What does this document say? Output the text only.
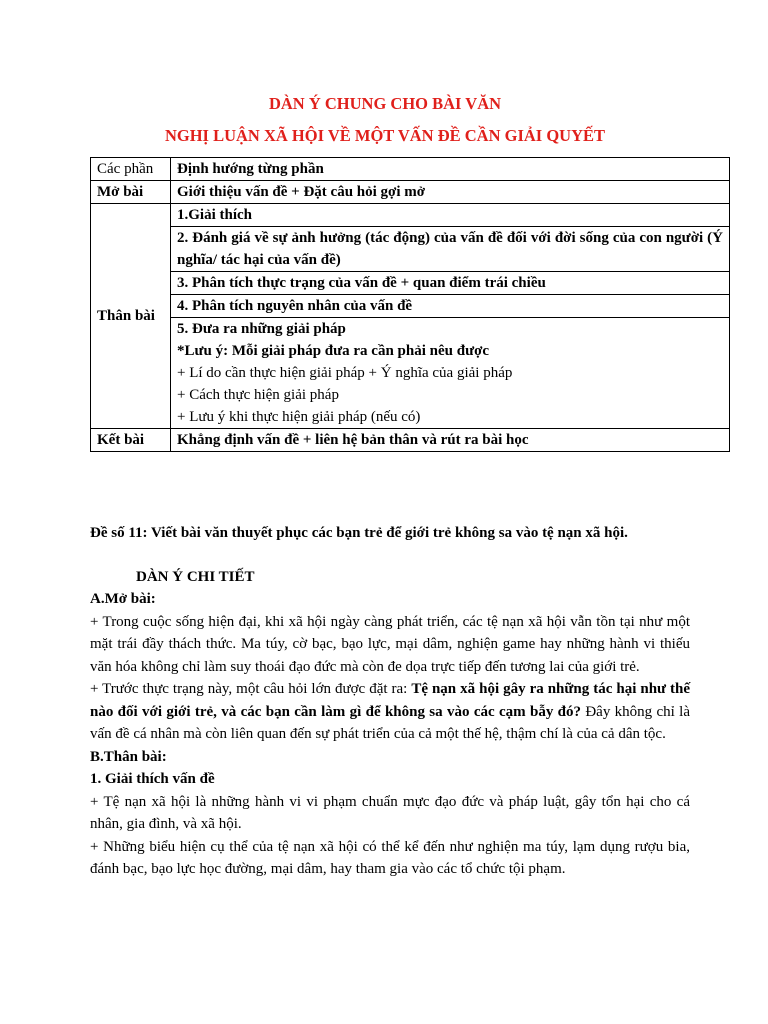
DÀN Ý CHUNG CHO BÀI VĂN
NGHỊ LUẬN XÃ HỘI VỀ MỘT VẤN ĐỀ CẦN GIẢI QUYẾT
Các phần	Định hướng từng phần
Mở bài	Giới thiệu vấn đề + Đặt câu hỏi gợi mở
Thân bài	1.Giải thích
	2. Đánh giá về sự ảnh hưởng (tác động) của vấn đề đối với đời sống của con người (Ý nghĩa/ tác hại của vấn đề)
	3. Phân tích thực trạng của vấn đề + quan điểm trái chiều
	4. Phân tích nguyên nhân của vấn đề

	5. Đưa ra những giải pháp
*Lưu ý: Mỗi giải pháp đưa ra cần phải nêu được
+ Lí do cần thực hiện giải pháp + Ý nghĩa của giải pháp
+ Cách thực hiện giải pháp
+ Lưu ý khi thực hiện giải pháp (nếu có)

Kết bài	Khẳng định vấn đề + liên hệ bản thân và rút ra bài học
Đề số 11: Viết bài văn thuyết phục các bạn trẻ để giới trẻ không sa vào tệ nạn xã hội.
DÀN Ý CHI TIẾT

A.Mở bài:

+ Trong cuộc sống hiện đại, khi xã hội ngày càng phát triển, các tệ nạn xã hội vẫn tồn tại như một mặt trái đầy thách thức. Ma túy, cờ bạc, bạo lực, mại dâm, nghiện game hay những hành vi thiếu văn hóa không chỉ làm suy thoái đạo đức mà còn đe dọa trực tiếp đến tương lai của giới trẻ.

+ Trước thực trạng này, một câu hỏi lớn được đặt ra: Tệ nạn xã hội gây ra những tác hại như thế nào đối với giới trẻ, và các bạn cần làm gì để không sa vào các cạm bẫy đó? Đây không chỉ là vấn đề cá nhân mà còn liên quan đến sự phát triển của cả một thế hệ, thậm chí là của cả dân tộc.

B.Thân bài:

1. Giải thích vấn đề

+ Tệ nạn xã hội là những hành vi vi phạm chuẩn mực đạo đức và pháp luật, gây tổn hại cho cá nhân, gia đình, và xã hội.

+ Những biểu hiện cụ thể của tệ nạn xã hội có thể kể đến như nghiện ma túy, lạm dụng rượu bia, đánh bạc, bạo lực học đường, mại dâm, hay tham gia vào các tổ chức tội phạm.
